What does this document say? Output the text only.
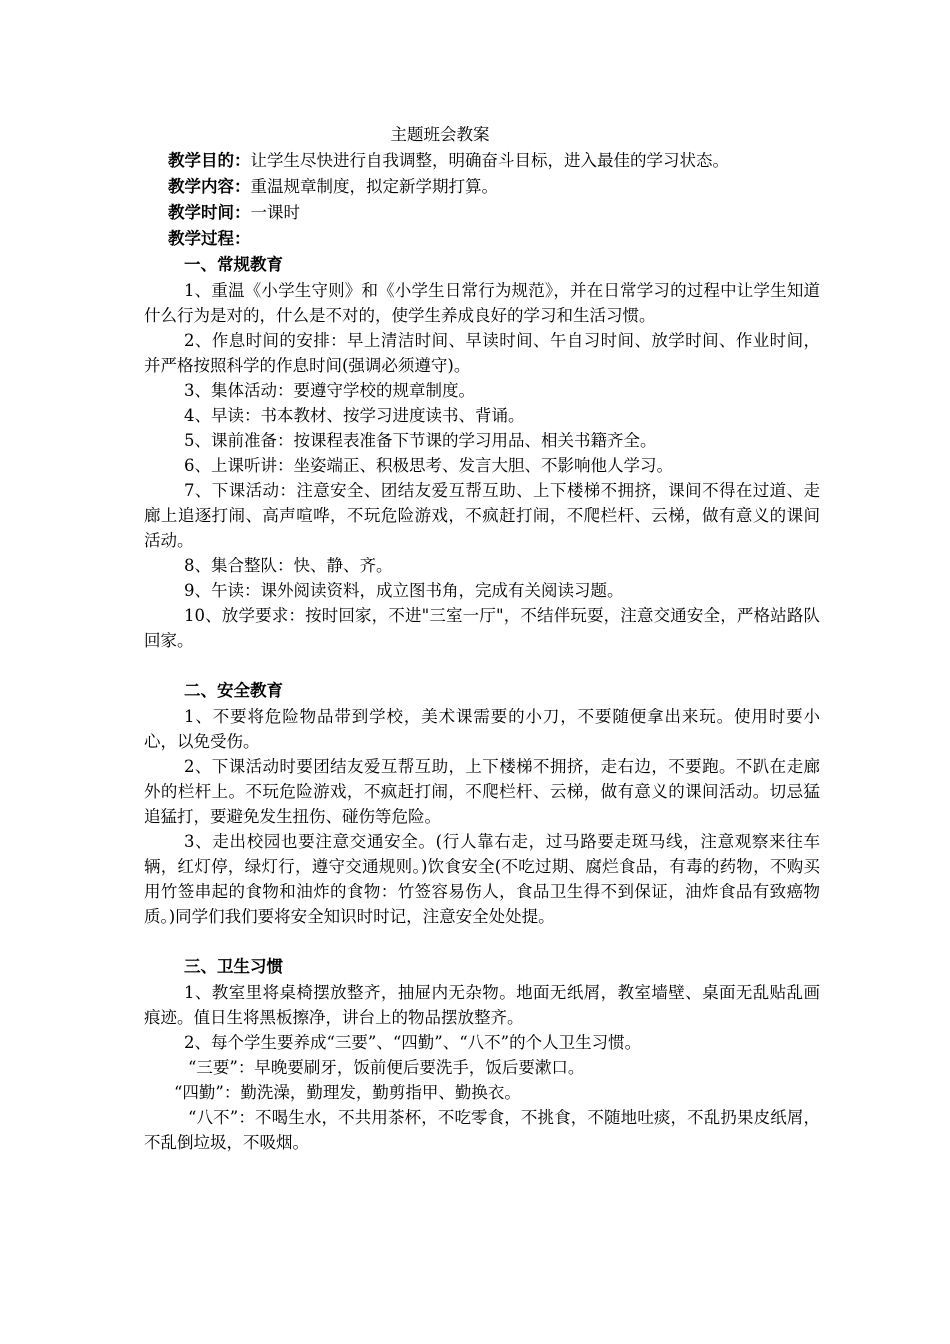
主题班会教案

教学目的：让学生尽快进行自我调整，明确奋斗目标，进入最佳的学习状态。

教学内容：重温规章制度，拟定新学期打算。

教学时间：一课时

教学过程：

一、常规教育

1、重温《小学生守则》和《小学生日常行为规范》，并在日常学习的过程中让学生知道什么行为是对的，什么是不对的，使学生养成良好的学习和生活习惯。

2、作息时间的安排：早上清洁时间、早读时间、午自习时间、放学时间、作业时间，并严格按照科学的作息时间(强调必须遵守)。

3、集体活动：要遵守学校的规章制度。

4、早读：书本教材、按学习进度读书、背诵。

5、课前准备：按课程表准备下节课的学习用品、相关书籍齐全。

6、上课听讲：坐姿端正、积极思考、发言大胆、不影响他人学习。

7、下课活动：注意安全、团结友爱互帮互助、上下楼梯不拥挤，课间不得在过道、走廊上追逐打闹、高声喧哗，不玩危险游戏，不疯赶打闹，不爬栏杆、云梯，做有意义的课间活动。

8、集合整队：快、静、齐。

9、午读：课外阅读资料，成立图书角，完成有关阅读习题。

10、放学要求：按时回家，不进"三室一厅"，不结伴玩耍，注意交通安全，严格站路队回家。

二、安全教育

1、不要将危险物品带到学校，美术课需要的小刀，不要随便拿出来玩。使用时要小心，以免受伤。

2、下课活动时要团结友爱互帮互助，上下楼梯不拥挤，走右边，不要跑。不趴在走廊外的栏杆上。不玩危险游戏，不疯赶打闹，不爬栏杆、云梯，做有意义的课间活动。切忌猛追猛打，要避免发生扭伤、碰伤等危险。

3、走出校园也要注意交通安全。(行人靠右走，过马路要走斑马线，注意观察来往车辆，红灯停，绿灯行，遵守交通规则。)饮食安全(不吃过期、腐烂食品，有毒的药物，不购买用竹签串起的食物和油炸的食物：竹签容易伤人，食品卫生得不到保证，油炸食品有致癌物质。)同学们我们要将安全知识时时记，注意安全处处提。

三、卫生习惯

1、教室里将桌椅摆放整齐，抽屉内无杂物。地面无纸屑，教室墙壁、桌面无乱贴乱画痕迹。值日生将黑板擦净，讲台上的物品摆放整齐。

2、每个学生要养成“三要”、“四勤”、“八不”的个人卫生习惯。

“三要”：早晚要刷牙，饭前便后要洗手，饭后要漱口。

“四勤”：勤洗澡，勤理发，勤剪指甲、勤换衣。

“八不”：不喝生水，不共用茶杯，不吃零食，不挑食，不随地吐痰，不乱扔果皮纸屑，不乱倒垃圾，不吸烟。
